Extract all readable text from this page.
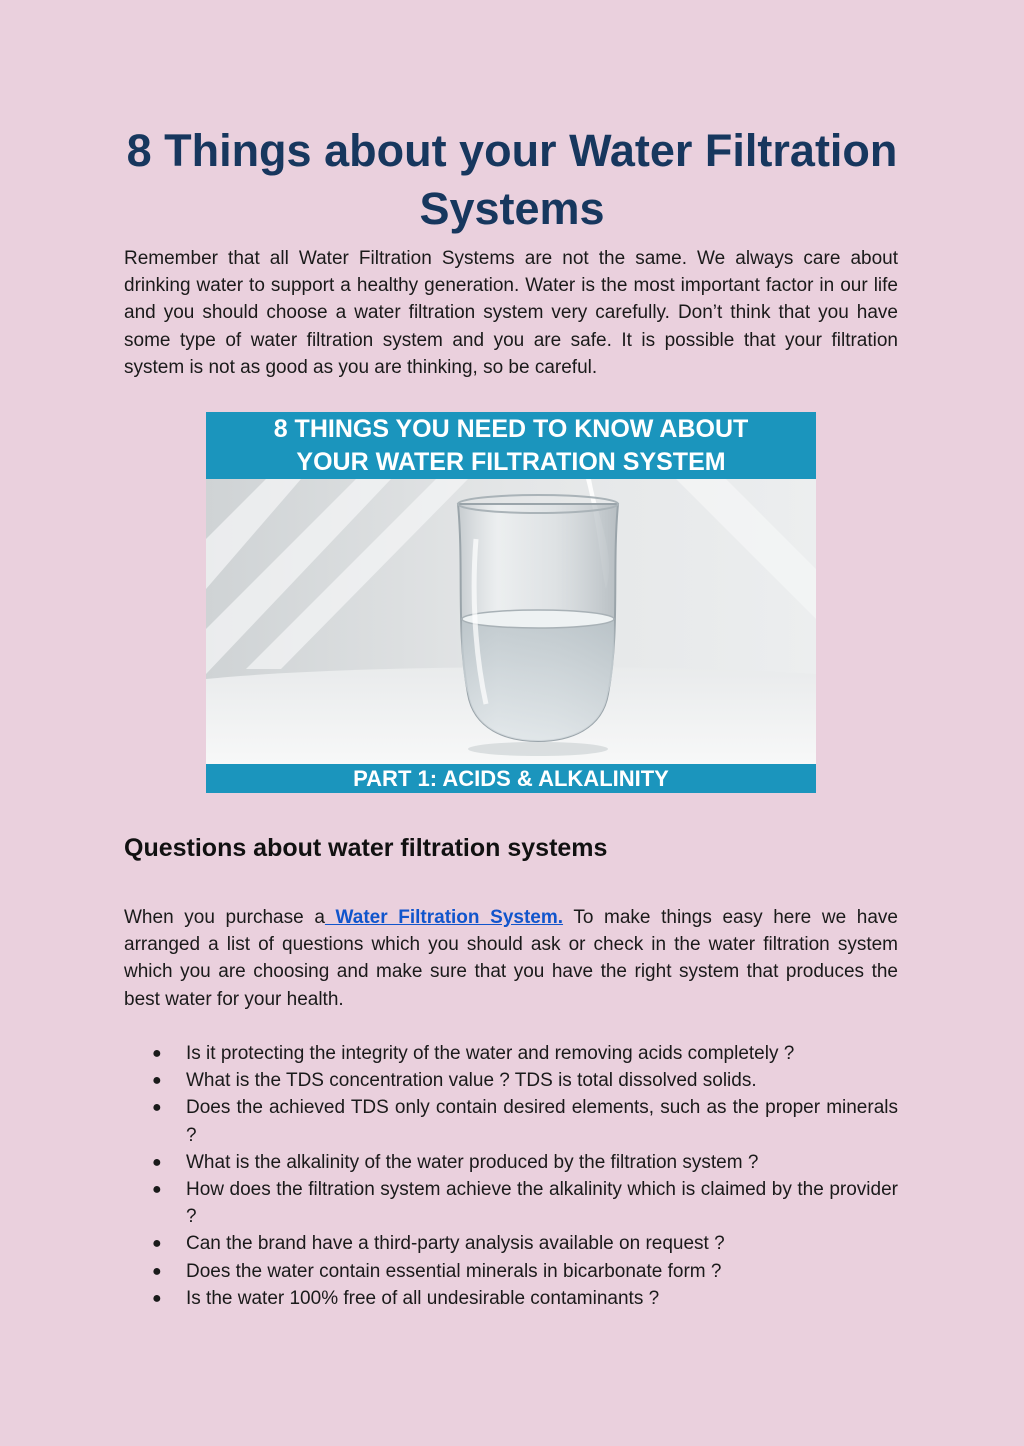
8 Things about your Water Filtration Systems

Remember that all Water Filtration Systems are not the same. We always care about drinking water to support a healthy generation. Water is the most important factor in our life and you should choose a water filtration system very carefully. Don’t think that you have some type of water filtration system and you are safe. It is possible that your filtration system is not as good as you are thinking, so be careful.

8 THINGS YOU NEED TO KNOW ABOUT
YOUR WATER FILTRATION SYSTEM
PART 1: ACIDS & ALKALINITY
Questions about water filtration systems

When you purchase a Water Filtration System. To make things easy here we have arranged a list of questions which you should ask or check in the water filtration system which you are choosing and make sure that you have the right system that produces the best water for your health.

● Is it protecting the integrity of the water and removing acids completely ?
● What is the TDS concentration value ? TDS is total dissolved solids.
● Does the achieved TDS only contain desired elements, such as the proper minerals ?
● What is the alkalinity of the water produced by the filtration system ?
● How does the filtration system achieve the alkalinity which is claimed by the provider ?
● Can the brand have a third-party analysis available on request ?
● Does the water contain essential minerals in bicarbonate form ?
● Is the water 100% free of all undesirable contaminants ?
